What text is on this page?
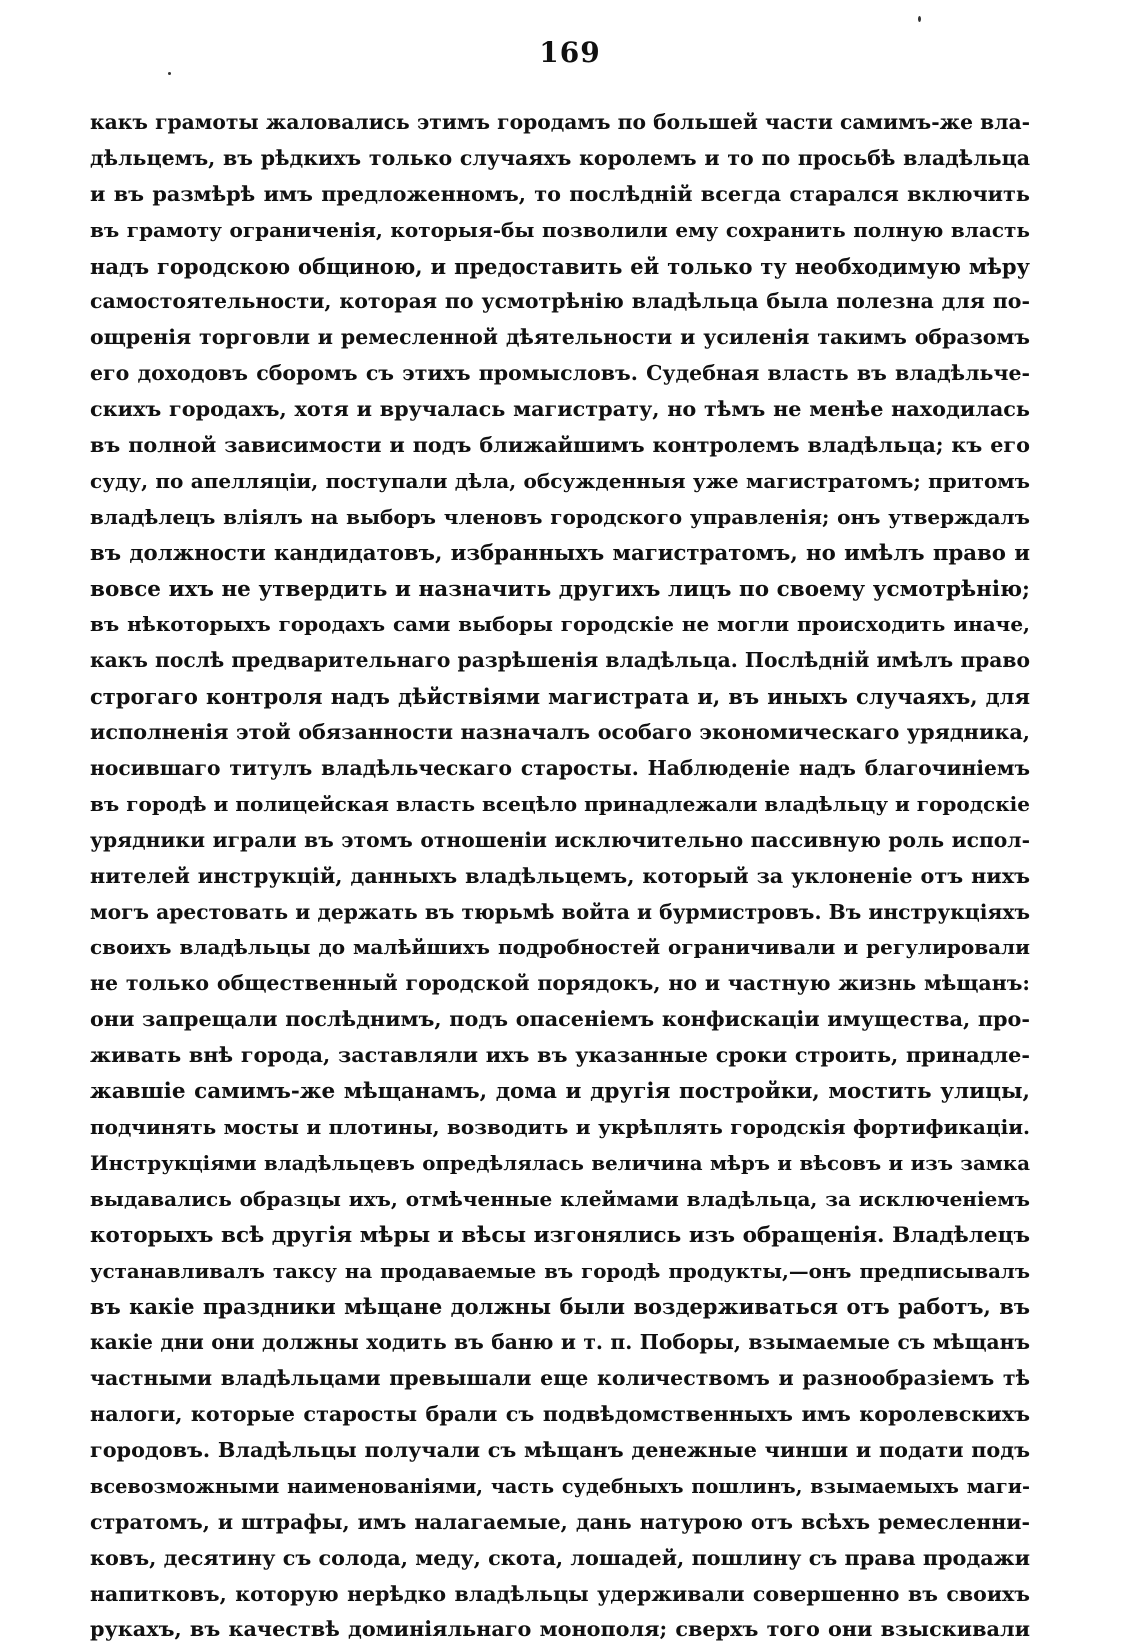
169
какъ грамоты жаловались этимъ городамъ по большей части самимъ-же вла-
дѣльцемъ, въ рѣдкихъ только случаяхъ королемъ и то по просьбѣ владѣльца
и въ размѣрѣ имъ предложенномъ, то послѣдній всегда старался включить
въ грамоту ограниченія, которыя-бы позволили ему сохранить полную власть
надъ городскою общиною, и предоставить ей только ту необходимую мѣру
самостоятельности, которая по усмотрѣнію владѣльца была полезна для по-
ощренія торговли и ремесленной дѣятельности и усиленія такимъ образомъ
его доходовъ сборомъ съ этихъ промысловъ. Судебная власть въ владѣльче-
скихъ городахъ, хотя и вручалась магистрату, но тѣмъ не менѣе находилась
въ полной зависимости и подъ ближайшимъ контролемъ владѣльца; къ его
суду, по апелляціи, поступали дѣла, обсужденныя уже магистратомъ; притомъ
владѣлецъ вліялъ на выборъ членовъ городского управленія; онъ утверждалъ
въ должности кандидатовъ, избранныхъ магистратомъ, но имѣлъ право и
вовсе ихъ не утвердить и назначить другихъ лицъ по своему усмотрѣнію;
въ нѣкоторыхъ городахъ сами выборы городскіе не могли происходить иначе,
какъ послѣ предварительнаго разрѣшенія владѣльца. Послѣдній имѣлъ право
строгаго контроля надъ дѣйствіями магистрата и, въ иныхъ случаяхъ, для
исполненія этой обязанности назначалъ особаго экономическаго урядника,
носившаго титулъ владѣльческаго старосты. Наблюденіе надъ благочиніемъ
въ городѣ и полицейская власть всецѣло принадлежали владѣльцу и городскіе
урядники играли въ этомъ отношеніи исключительно пассивную роль испол-
нителей инструкцій, данныхъ владѣльцемъ, который за уклоненіе отъ нихъ
могъ арестовать и держать въ тюрьмѣ войта и бурмистровъ. Въ инструкціяхъ
своихъ владѣльцы до малѣйшихъ подробностей ограничивали и регулировали
не только общественный городской порядокъ, но и частную жизнь мѣщанъ:
они запрещали послѣднимъ, подъ опасеніемъ конфискаціи имущества, про-
живать внѣ города, заставляли ихъ въ указанные сроки строить, принадле-
жавшіе самимъ-же мѣщанамъ, дома и другія постройки, мостить улицы,
подчинять мосты и плотины, возводить и укрѣплять городскія фортификаціи.
Инструкціями владѣльцевъ опредѣлялась величина мѣръ и вѣсовъ и изъ замка
выдавались образцы ихъ, отмѣченные клеймами владѣльца, за исключеніемъ
которыхъ всѣ другія мѣры и вѣсы изгонялись изъ обращенія. Владѣлецъ
устанавливалъ таксу на продаваемые въ городѣ продукты,—онъ предписывалъ
въ какіе праздники мѣщане должны были воздерживаться отъ работъ, въ
какіе дни они должны ходить въ баню и т. п. Поборы, взымаемые съ мѣщанъ
частными владѣльцами превышали еще количествомъ и разнообразіемъ тѣ
налоги, которые старосты брали съ подвѣдомственныхъ имъ королевскихъ
городовъ. Владѣльцы получали съ мѣщанъ денежные чинши и подати подъ
всевозможными наименованіями, часть судебныхъ пошлинъ, взымаемыхъ маги-
стратомъ, и штрафы, имъ налагаемые, дань натурою отъ всѣхъ ремесленни-
ковъ, десятину съ солода, меду, скота, лошадей, пошлину съ права продажи
напитковъ, которую нерѣдко владѣльцы удерживали совершенно въ своихъ
рукахъ, въ качествѣ доминіяльнаго монополя; сверхъ того они взыскивали
